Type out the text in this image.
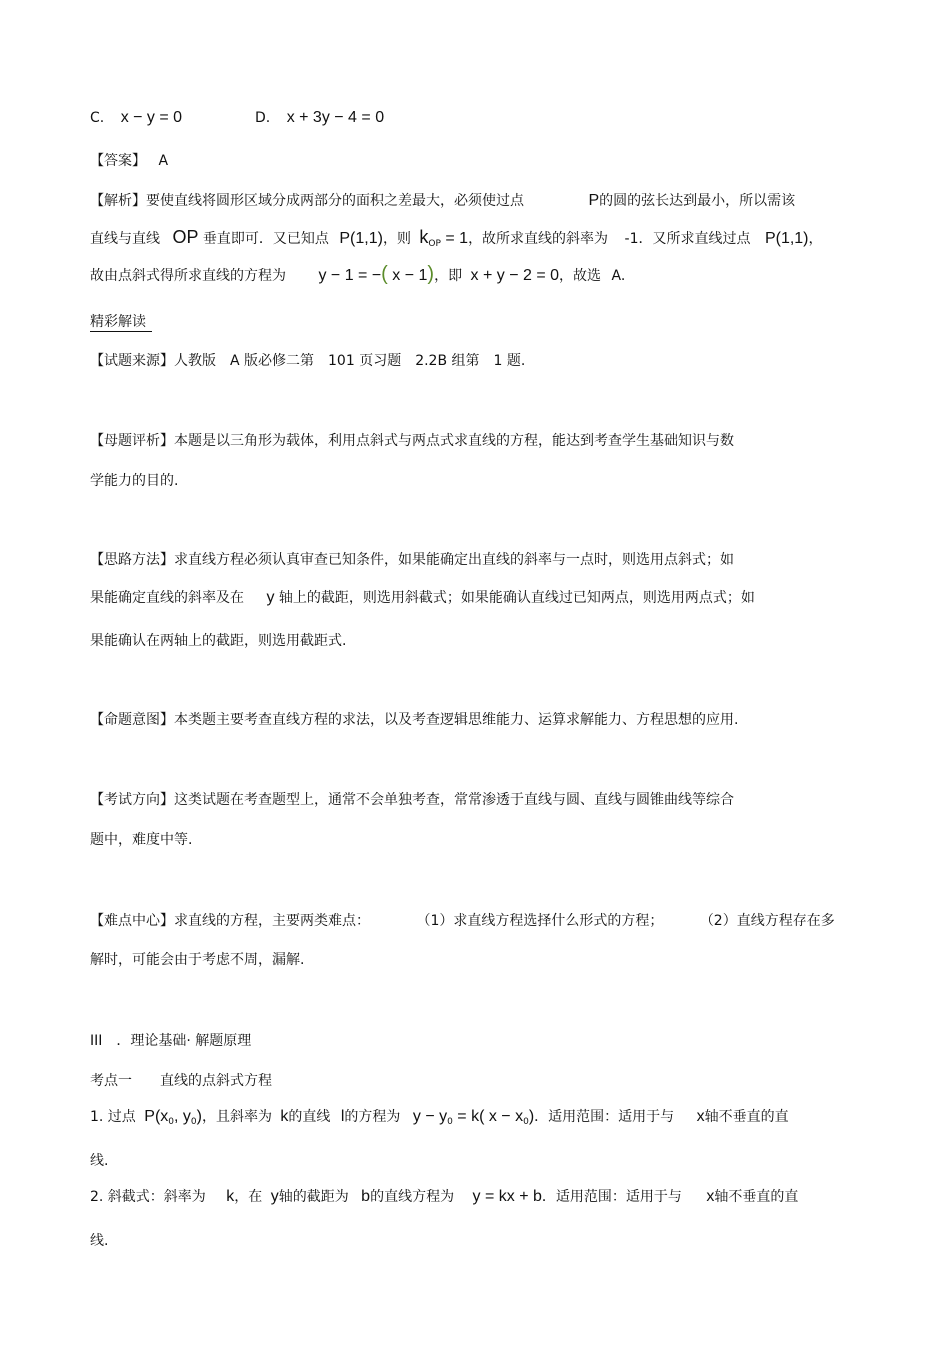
C. x − y = 0	D. x + 3y − 4 = 0
【答案】 A
【解析】要使直线将圆形区域分成两部分的面积之差最大，必须使过点	P的圆的弦长达到最小，所以需该
直线与直线 OP 垂直即可．又已知点 P(1,1)，则 $k_{OP} = 1$，故所求直线的斜率为 -1．又所求直线过点 P(1,1)，
故由点斜式得所求直线的方程为 y − 1 = −( x − 1)，即 x + y − 2 = 0，故选 A.
精彩解读
【试题来源】人教版　A 版必修二第　101 页习题　2.2B 组第　1 题.
【母题评析】本题是以三角形为载体，利用点斜式与两点式求直线的方程，能达到考查学生基础知识与数
学能力的目的.
【思路方法】求直线方程必须认真审查已知条件，如果能确定出直线的斜率与一点时，则选用点斜式；如
果能确定直线的斜率及在 y 轴上的截距，则选用斜截式；如果能确认直线过已知两点，则选用两点式；如
果能确认在两轴上的截距，则选用截距式.
【命题意图】本类题主要考查直线方程的求法，以及考查逻辑思维能力、运算求解能力、方程思想的应用.
【考试方向】这类试题在考查题型上，通常不会单独考查，常常渗透于直线与圆、直线与圆锥曲线等综合
题中，难度中等.
【难点中心】求直线的方程，主要两类难点：	（1）求直线方程选择什么形式的方程；	（2）直线方程存在多
解时，可能会由于考虑不周，漏解.
III　．理论基础· 解题原理
考点一　　直线的点斜式方程
1. 过点 $P(x_0$, $y_0$)，且斜率为 k的直线 l的方程为 $y - y_0 = k$( $x - x_0$)．适用范围：适用于与 x轴不垂直的直
线.
2. 斜截式：斜率为 k，在 y轴的截距为 b的直线方程为 y = kx + b．适用范围：适用于与 x轴不垂直的直
线.
